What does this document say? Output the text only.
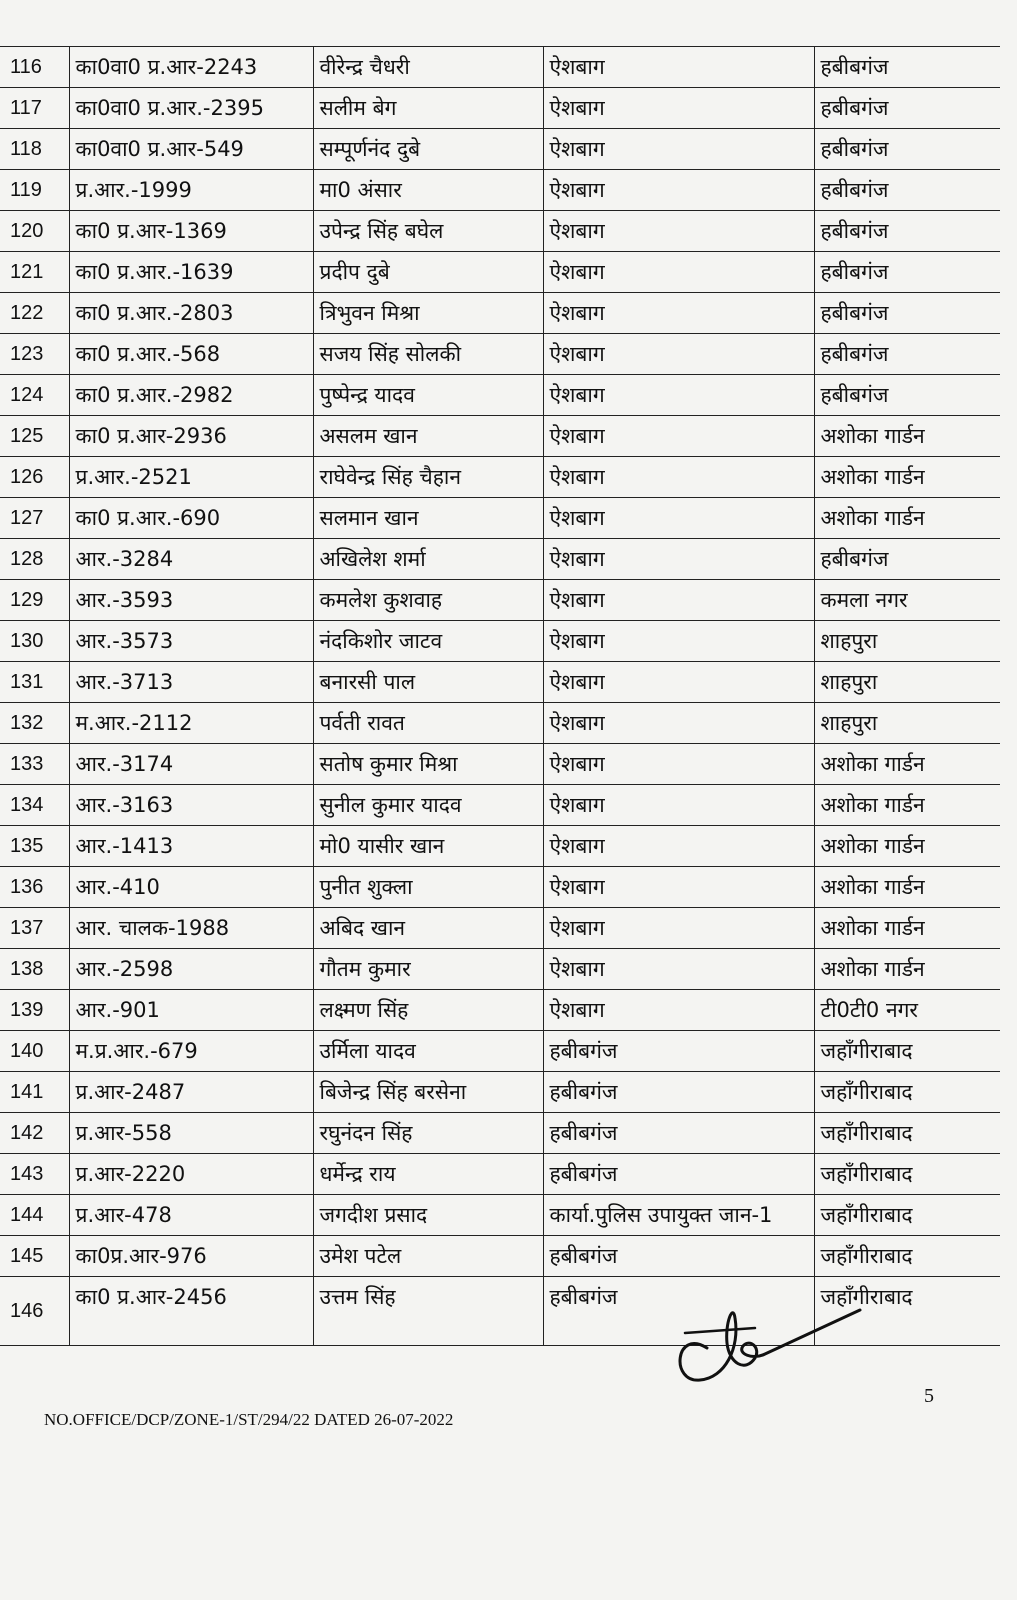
116	का0वा0 प्र.आर-2243	वीरेन्द्र चैधरी	ऐशबाग	हबीबगंज
117	का0वा0 प्र.आर.-2395	सलीम बेग	ऐशबाग	हबीबगंज
118	का0वा0 प्र.आर-549	सम्पूर्णनंद दुबे	ऐशबाग	हबीबगंज
119	प्र.आर.-1999	मा0 अंसार	ऐशबाग	हबीबगंज
120	का0 प्र.आर-1369	उपेन्द्र सिंह बघेल	ऐशबाग	हबीबगंज
121	का0 प्र.आर.-1639	प्रदीप दुबे	ऐशबाग	हबीबगंज
122	का0 प्र.आर.-2803	त्रिभुवन मिश्रा	ऐशबाग	हबीबगंज
123	का0 प्र.आर.-568	सजय सिंह सोलकी	ऐशबाग	हबीबगंज
124	का0 प्र.आर.-2982	पुष्पेन्द्र यादव	ऐशबाग	हबीबगंज
125	का0 प्र.आर-2936	असलम खान	ऐशबाग	अशोका गार्डन
126	प्र.आर.-2521	राघेवेन्द्र सिंह चैहान	ऐशबाग	अशोका गार्डन
127	का0 प्र.आर.-690	सलमान खान	ऐशबाग	अशोका गार्डन
128	आर.-3284	अखिलेश शर्मा	ऐशबाग	हबीबगंज
129	आर.-3593	कमलेश कुशवाह	ऐशबाग	कमला नगर
130	आर.-3573	नंदकिशोर जाटव	ऐशबाग	शाहपुरा
131	आर.-3713	बनारसी पाल	ऐशबाग	शाहपुरा
132	म.आर.-2112	पर्वती रावत	ऐशबाग	शाहपुरा
133	आर.-3174	सतोष कुमार मिश्रा	ऐशबाग	अशोका गार्डन
134	आर.-3163	सुनील कुमार यादव	ऐशबाग	अशोका गार्डन
135	आर.-1413	मो0 यासीर खान	ऐशबाग	अशोका गार्डन
136	आर.-410	पुनीत शुक्ला	ऐशबाग	अशोका गार्डन
137	आर. चालक-1988	अबिद खान	ऐशबाग	अशोका गार्डन
138	आर.-2598	गौतम कुमार	ऐशबाग	अशोका गार्डन
139	आर.-901	लक्ष्मण सिंह	ऐशबाग	टी0टी0 नगर
140	म.प्र.आर.-679	उर्मिला यादव	हबीबगंज	जहाँगीराबाद
141	प्र.आर-2487	बिजेन्द्र सिंह बरसेना	हबीबगंज	जहाँगीराबाद
142	प्र.आर-558	रघुनंदन सिंह	हबीबगंज	जहाँगीराबाद
143	प्र.आर-2220	धर्मेन्द्र राय	हबीबगंज	जहाँगीराबाद
144	प्र.आर-478	जगदीश प्रसाद	कार्या.पुलिस उपायुक्त जान-1	जहाँगीराबाद
145	का0प्र.आर-976	उमेश पटेल	हबीबगंज	जहाँगीराबाद
146	का0 प्र.आर-2456	उत्तम सिंह	हबीबगंज	जहाँगीराबाद
5
NO.OFFICE/DCP/ZONE-1/ST/294/22 DATED 26-07-2022
